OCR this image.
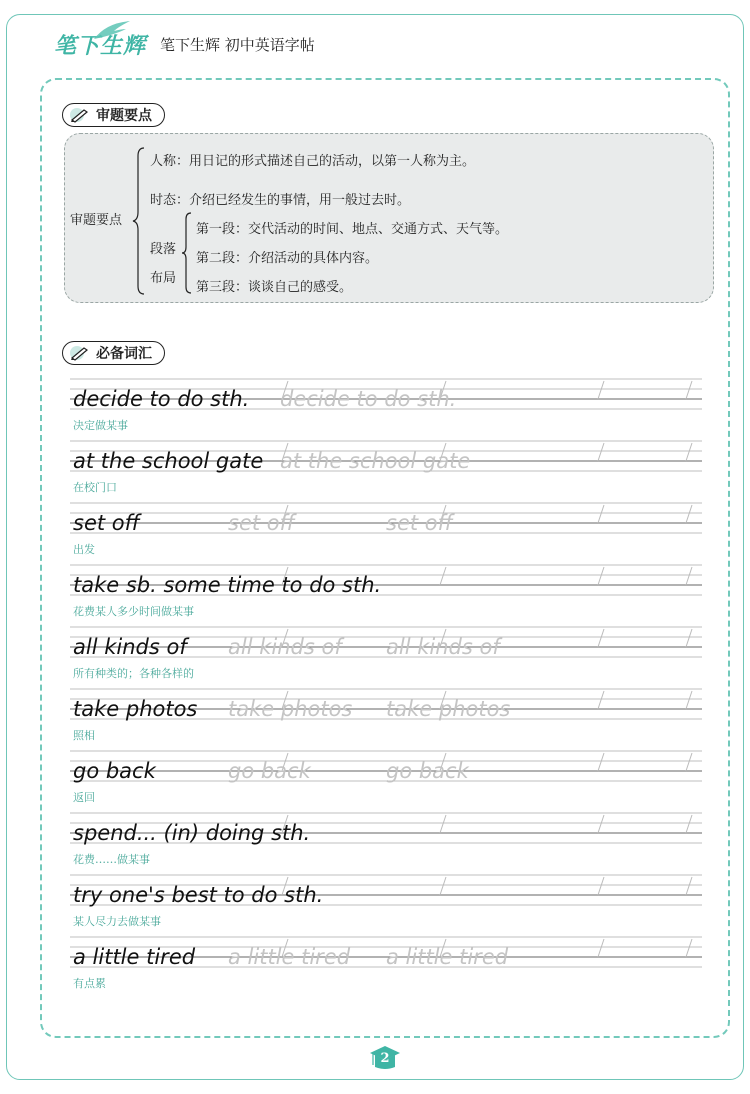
笔下生辉 笔下生辉 初中英语字帖
审题要点
审题要点
人称：用日记的形式描述自己的活动，以第一人称为主。
时态：介绍已经发生的事情，用一般过去时。
段落
布局
第一段：交代活动的时间、地点、交通方式、天气等。
第二段：介绍活动的具体内容。
第三段：谈谈自己的感受。
必备词汇
decide to do sth. decide to do sth.
决定做某事
at the school gate at the school gate
在校门口
set off	set off	set off
出发
take sb. some time to do sth.
花费某人多少时间做某事
all kinds of all kinds of all kinds of
所有种类的；各种各样的
take photos take photos take photos
照相
go back	go back	go back
返回
spend... (in) doing sth.
花费……做某事
try one's best to do sth.
某人尽力去做某事
a little tired a little tired a little tired
有点累
2
